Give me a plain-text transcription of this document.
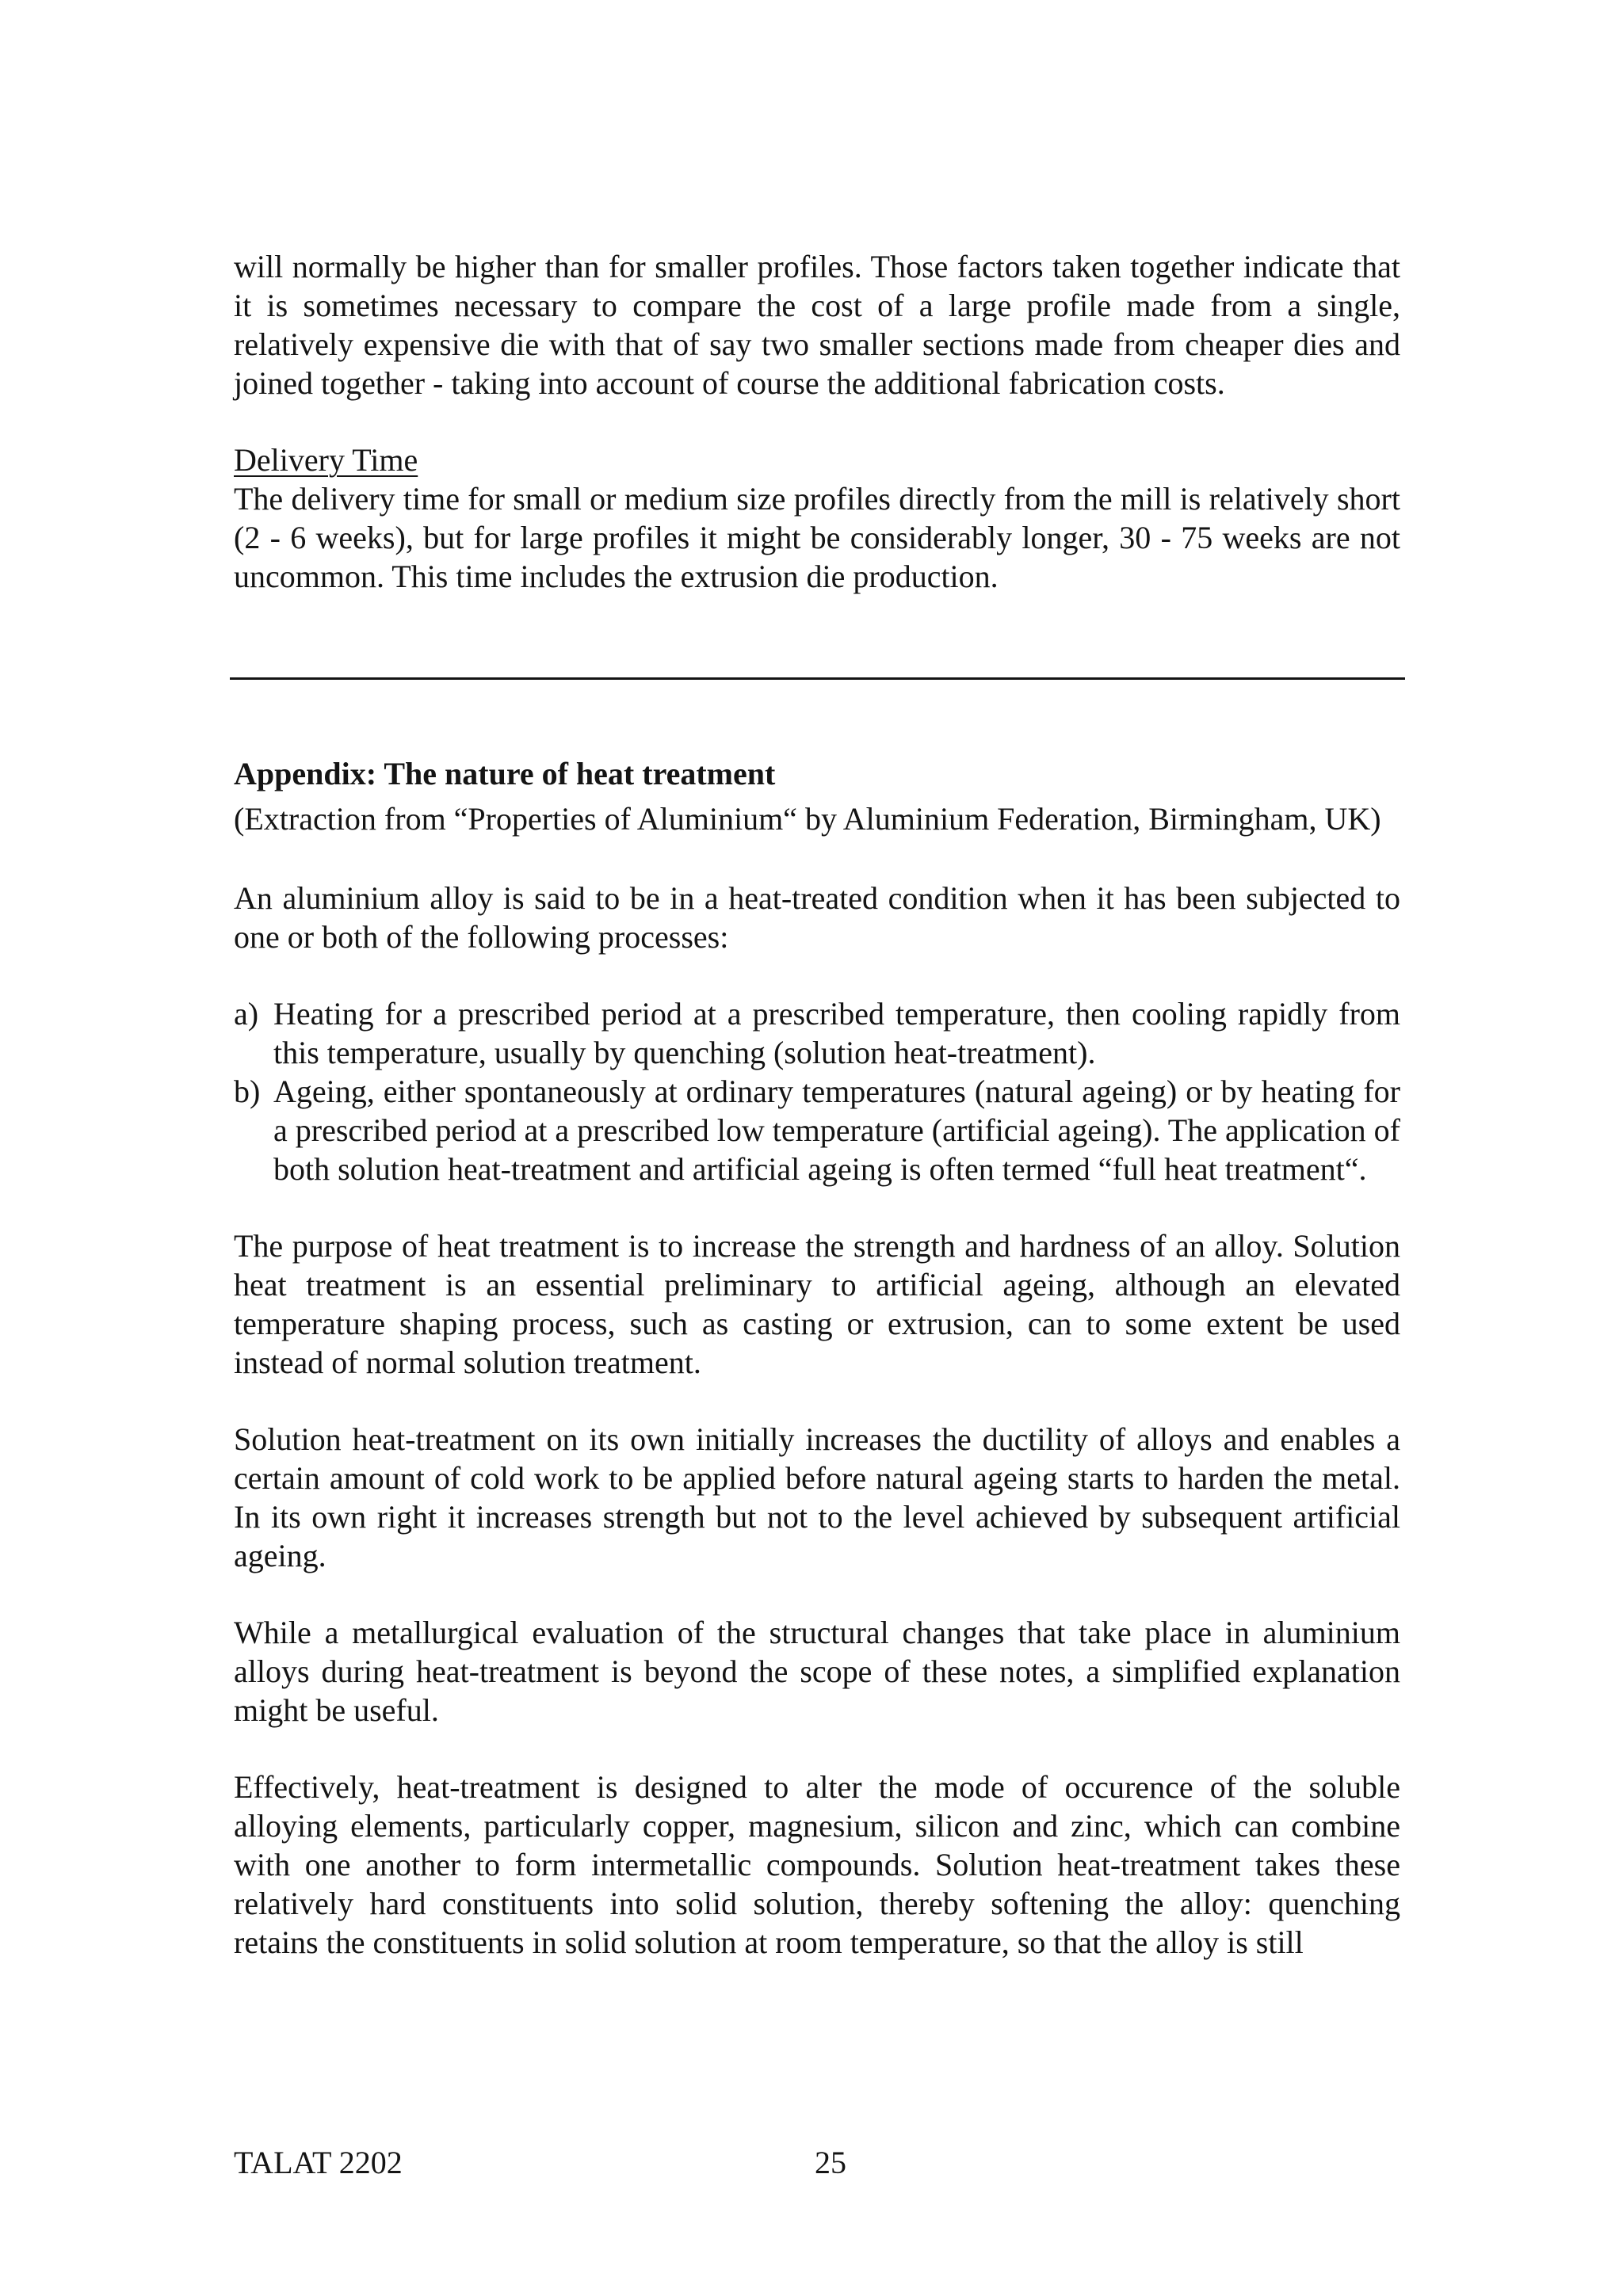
will normally be higher than for smaller profiles. Those factors taken together indicate that it is sometimes necessary to compare the cost of a large profile made from a single, relatively expensive die with that of say two smaller sections made from cheaper dies and joined together - taking into account of course the additional fabrication costs.

Delivery Time

The delivery time for small or medium size profiles directly from the mill is relatively short (2 - 6 weeks), but for large profiles it might be considerably longer, 30 - 75 weeks are not uncommon. This time includes the extrusion die production.

Appendix: The nature of heat treatment

(Extraction from “Properties of Aluminium“ by Aluminium Federation, Birmingham, UK)

An aluminium alloy is said to be in a heat-treated condition when it has been subjected to one or both of the following processes:

a) Heating for a prescribed period at a prescribed temperature, then cooling rapidly from this temperature, usually by quenching (solution heat-treatment).
b) Ageing, either spontaneously at ordinary temperatures (natural ageing) or by heating for a prescribed period at a prescribed low temperature (artificial ageing). The application of both solution heat-treatment and artificial ageing is often termed “full heat treatment“.

The purpose of heat treatment is to increase the strength and hardness of an alloy. Solution heat treatment is an essential preliminary to artificial ageing, although an elevated temperature shaping process, such as casting or extrusion, can to some extent be used instead of normal solution treatment.

Solution heat-treatment on its own initially increases the ductility of alloys and enables a certain amount of cold work to be applied before natural ageing starts to harden the metal. In its own right it increases strength but not to the level achieved by subsequent artificial ageing.

While a metallurgical evaluation of the structural changes that take place in aluminium alloys during heat-treatment is beyond the scope of these notes, a simplified explanation might be useful.

Effectively, heat-treatment is designed to alter the mode of occurence of the soluble alloying elements, particularly copper, magnesium, silicon and zinc, which can combine with one another to form intermetallic compounds. Solution heat-treatment takes these relatively hard constituents into solid solution, thereby softening the alloy: quenching retains the constituents in solid solution at room temperature, so that the alloy is still

TALAT 2202	25
